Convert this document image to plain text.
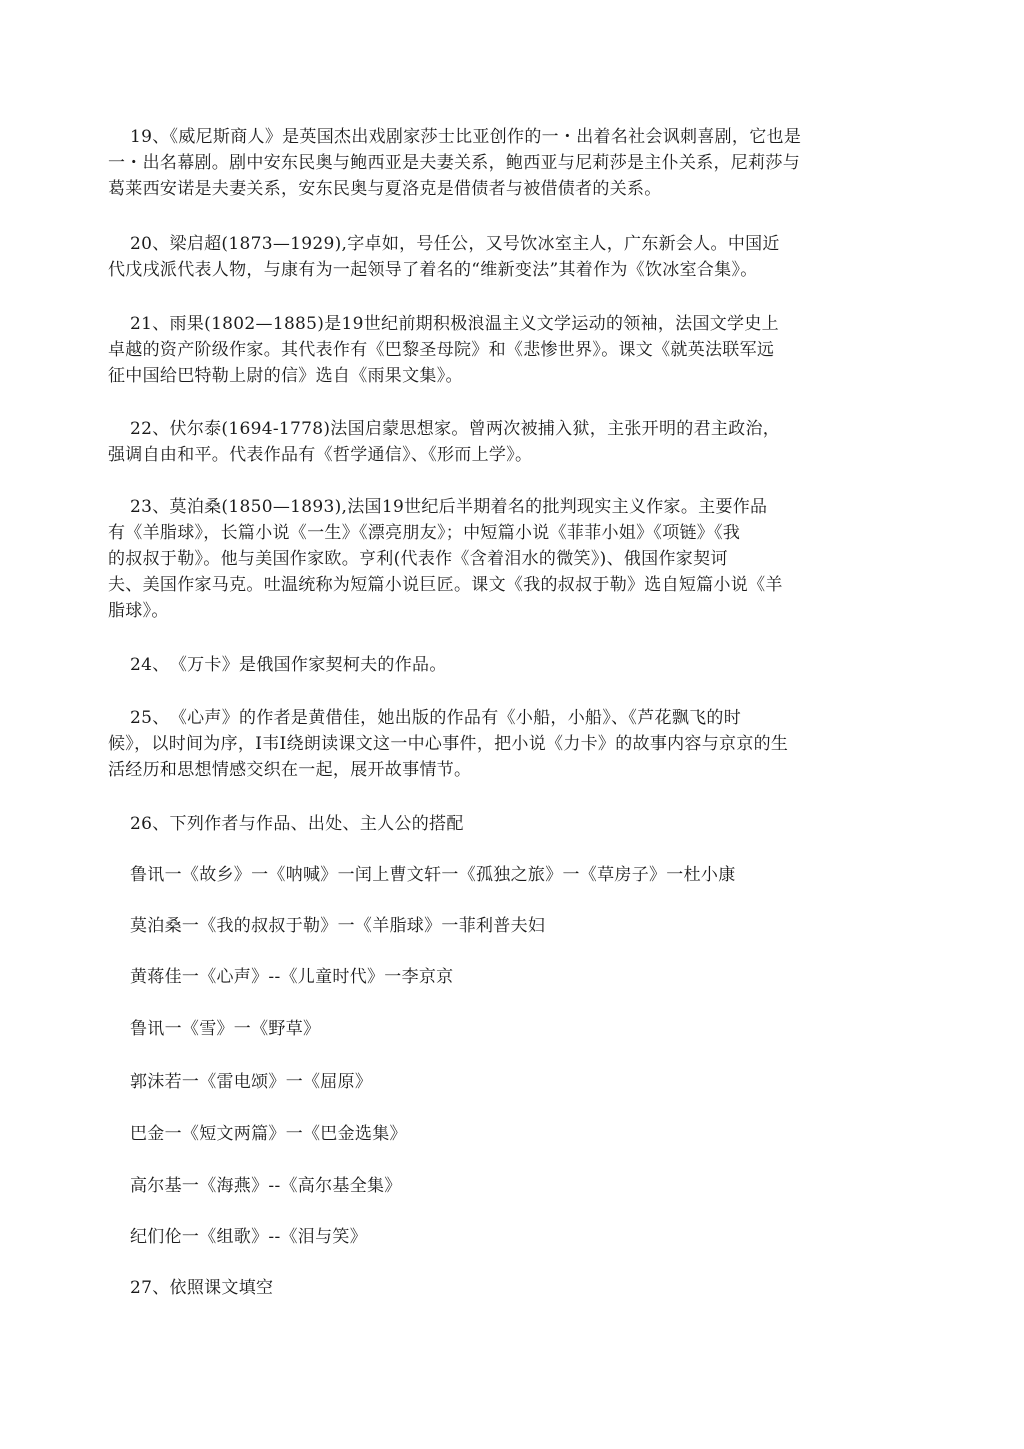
19、《威尼斯商人》是英国杰出戏剧家莎士比亚创作的一・出着名社会讽刺喜剧，它也是
一・出名幕剧。剧中安东民奥与鲍西亚是夫妻关系，鲍西亚与尼莉莎是主仆关系，尼莉莎与
葛莱西安诺是夫妻关系，安东民奥与夏洛克是借债者与被借债者的关系。
20、梁启超(1873—1929),字卓如，号任公，又号饮冰室主人，广东新会人。中国近
代戊戌派代表人物，与康有为一起领导了着名的“维新变法”其着作为《饮冰室合集》。
21、雨果(1802—1885)是19世纪前期积极浪温主义文学运动的领袖，法国文学史上
卓越的资产阶级作家。其代表作有《巴黎圣母院》和《悲惨世界》。课文《就英法联军远
征中国给巴特勒上尉的信》选自《雨果文集》。
22、伏尔泰(1694-1778)法国启蒙思想家。曾两次被捕入狱，主张开明的君主政治，
强调自由和平。代表作品有《哲学通信》、《形而上学》。
23、莫泊桑(1850—1893),法国19世纪后半期着名的批判现实主义作家。主要作品
有《羊脂球》，长篇小说《一生》《漂亮朋友》；中短篇小说《菲菲小姐》《项链》《我
的叔叔于勒》。他与美国作家欧。亨利(代表作《含着泪水的微笑》)、俄国作家契诃
夫、美国作家马克。吐温统称为短篇小说巨匠。课文《我的叔叔于勒》选自短篇小说《羊
脂球》。
24、　《万卡》是俄国作家契柯夫的作品。
25、　《心声》的作者是黄借佳，她出版的作品有《小船，小船》、《芦花飘飞的时
候》，以时间为序，I韦I绕朗读课文这一中心事件，把小说《力卡》的故事内容与京京的生
活经历和思想情感交织在一起，展开故事情节。
26、下列作者与作品、出处、主人公的搭配
鲁讯一《故乡》一《呐喊》一闰上曹文轩一《孤独之旅》一《草房子》一杜小康
莫泊桑一《我的叔叔于勒》一《羊脂球》一菲利普夫妇
黄蒋佳一《心声》--《儿童时代》一李京京
鲁讯一《雪》一《野草》
郭沫若一《雷电颂》一《屈原》
巴金一《短文两篇》一《巴金选集》
高尔基一《海燕》--《高尔基全集》
纪们伦一《组歌》--《泪与笑》
27、依照课文填空
